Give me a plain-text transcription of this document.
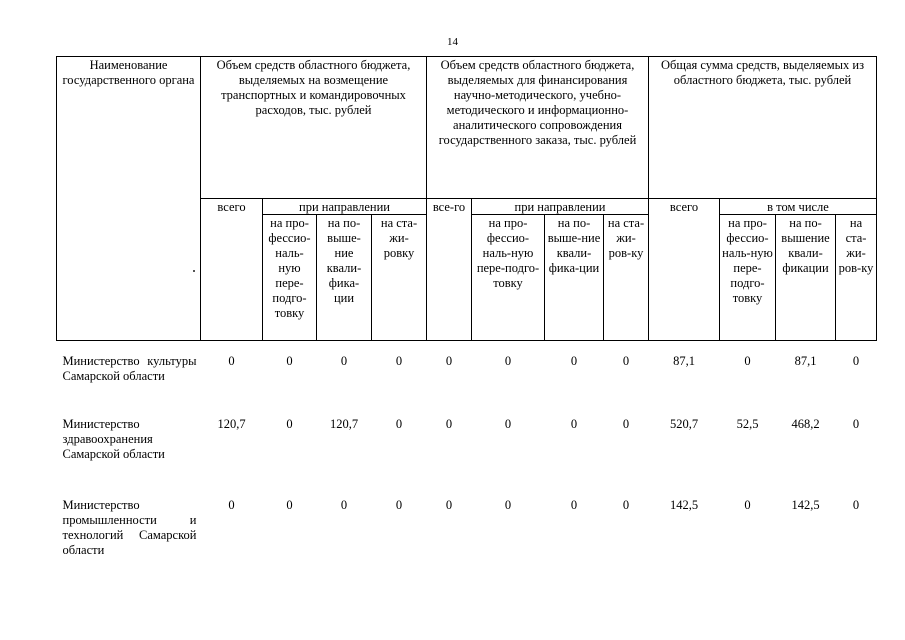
14
Наименование государственного органа	Объем средств областного бюджета, выделяемых на возмещение транспортных и командировочных расходов, тыс. рублей				Объем средств областного бюджета, выделяемых для финансирования научно-методического, учебно-методического и информационно-аналитического сопровождения государственного заказа, тыс. рублей				Общая сумма средств, выделяемых из областного бюджета, тыс. рублей			
	всего	при направлении			все-го	при направлении			всего	в том числе		
		на про-фессио-наль-ную пере-подго-товку	на по-выше-ние квали-фика-ции	на ста-жи-ровку		на про-фессио-наль-ную пере-подго-товку	на по-выше-ние квали-фика-ции	на ста-жи-ров-ку		на про-фессио-наль-ную пере-подго-товку	на по-вышение квали-фикации	на ста-жи-ров-ку
Министерство культуры Самарской области	0	0	0	0	0	0	0	0	87,1	0	87,1	0
Министерство здравоохранения Самарской области	120,7	0	120,7	0	0	0	0	0	520,7	52,5	468,2	0
Министерство промышленности и технологий Самарской области	0	0	0	0	0	0	0	0	142,5	0	142,5	0
